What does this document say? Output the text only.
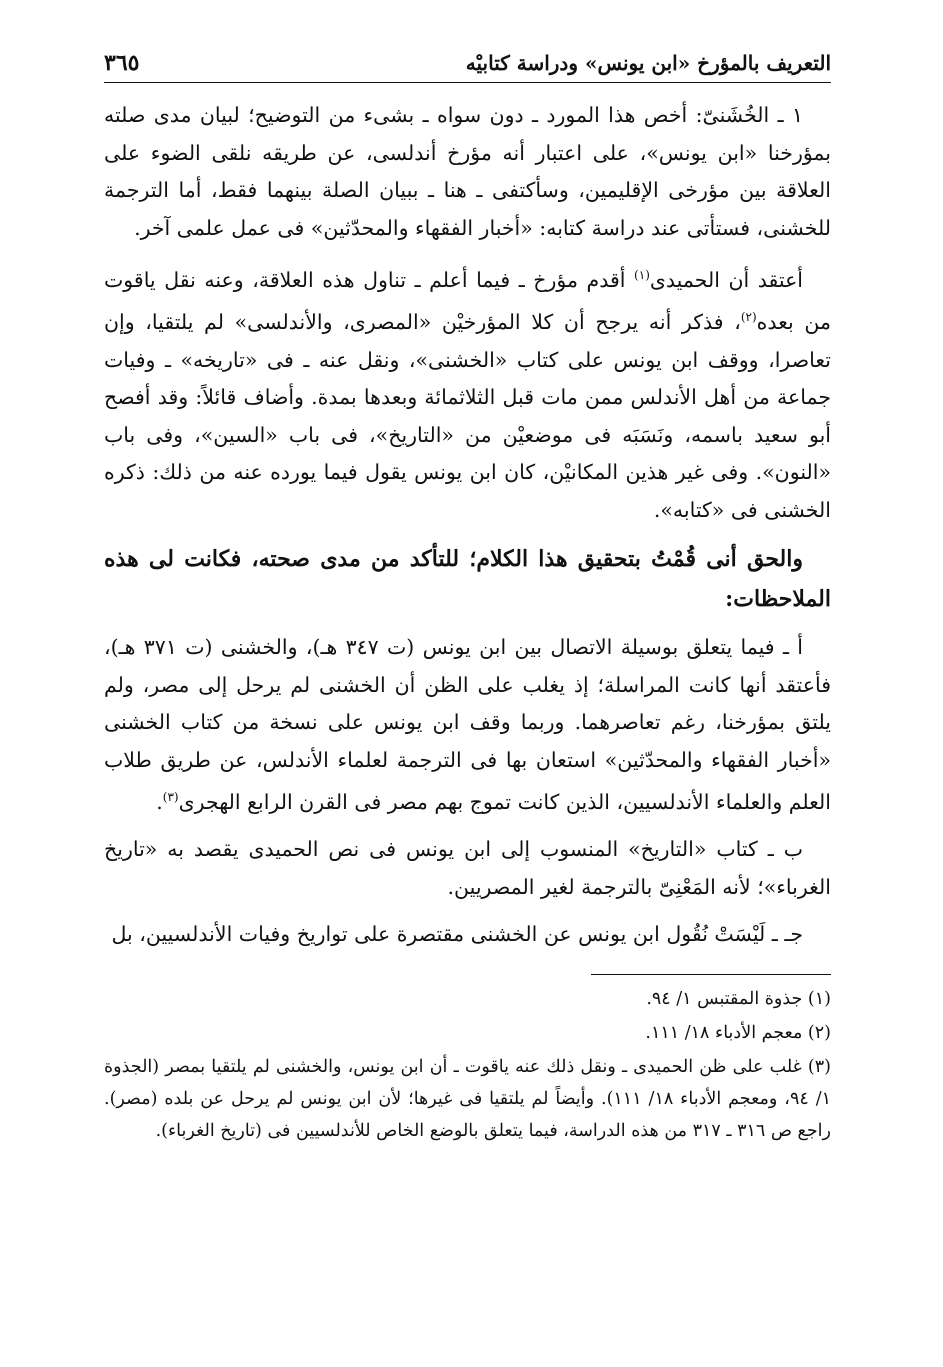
التعريف بالمؤرخ «ابن يونس» ودراسة كتابيْه
٣٦٥

١ ـ الخُشَنىّ: أخص هذا المورد ـ دون سواه ـ بشىء من التوضيح؛ لبيان مدى صلته بمؤرخنا «ابن يونس»، على اعتبار أنه مؤرخ أندلسى، عن طريقه نلقى الضوء على العلاقة بين مؤرخى الإقليمين، وسأكتفى ـ هنا ـ ببيان الصلة بينهما فقط، أما الترجمة للخشنى، فستأتى عند دراسة كتابه: «أخبار الفقهاء والمحدّثين» فى عمل علمى آخر.

أعتقد أن الحميدى$^{(١)}$ أقدم مؤرخ ـ فيما أعلم ـ تناول هذه العلاقة، وعنه نقل ياقوت من بعده$^{(٢)}$، فذكر أنه يرجح أن كلا المؤرخيْن «المصرى، والأندلسى» لم يلتقيا، وإن تعاصرا، ووقف ابن يونس على كتاب «الخشنى»، ونقل عنه ـ فى «تاريخه» ـ وفيات جماعة من أهل الأندلس ممن مات قبل الثلاثمائة وبعدها بمدة. وأضاف قائلاً: وقد أفصح أبو سعيد باسمه، ونَسَبَه فى موضعيْن من «التاريخ»، فى باب «السين»، وفى باب «النون». وفى غير هذين المكانيْن، كان ابن يونس يقول فيما يورده عنه من ذلك: ذكره الخشنى فى «كتابه».

والحق أنى قُمْتُ بتحقيق هذا الكلام؛ للتأكد من مدى صحته، فكانت لى هذه الملاحظات:

أ ـ فيما يتعلق بوسيلة الاتصال بين ابن يونس (ت ٣٤٧ هـ)، والخشنى (ت ٣٧١ هـ)، فأعتقد أنها كانت المراسلة؛ إذ يغلب على الظن أن الخشنى لم يرحل إلى مصر، ولم يلتق بمؤرخنا، رغم تعاصرهما. وربما وقف ابن يونس على نسخة من كتاب الخشنى «أخبار الفقهاء والمحدّثين» استعان بها فى الترجمة لعلماء الأندلس، عن طريق طلاب العلم والعلماء الأندلسيين، الذين كانت تموج بهم مصر فى القرن الرابع الهجرى$^{(٣)}$.

ب ـ كتاب «التاريخ» المنسوب إلى ابن يونس فى نص الحميدى يقصد به «تاريخ الغرباء»؛ لأنه المَعْنِىّ بالترجمة لغير المصريين.

جـ ـ لَيْسَتْ نُقُول ابن يونس عن الخشنى مقتصرة على تواريخ وفيات الأندلسيين، بل

(١) جذوة المقتبس ١/ ٩٤.

(٢) معجم الأدباء ١٨/ ١١١.

(٣) غلب على ظن الحميدى ـ ونقل ذلك عنه ياقوت ـ أن ابن يونس، والخشنى لم يلتقيا بمصر (الجذوة ١/ ٩٤، ومعجم الأدباء ١٨/ ١١١). وأيضاً لم يلتقيا فى غيرها؛ لأن ابن يونس لم يرحل عن بلده (مصر). راجع ص ٣١٦ ـ ٣١٧ من هذه الدراسة، فيما يتعلق بالوضع الخاص للأندلسيين فى (تاريخ الغرباء).
